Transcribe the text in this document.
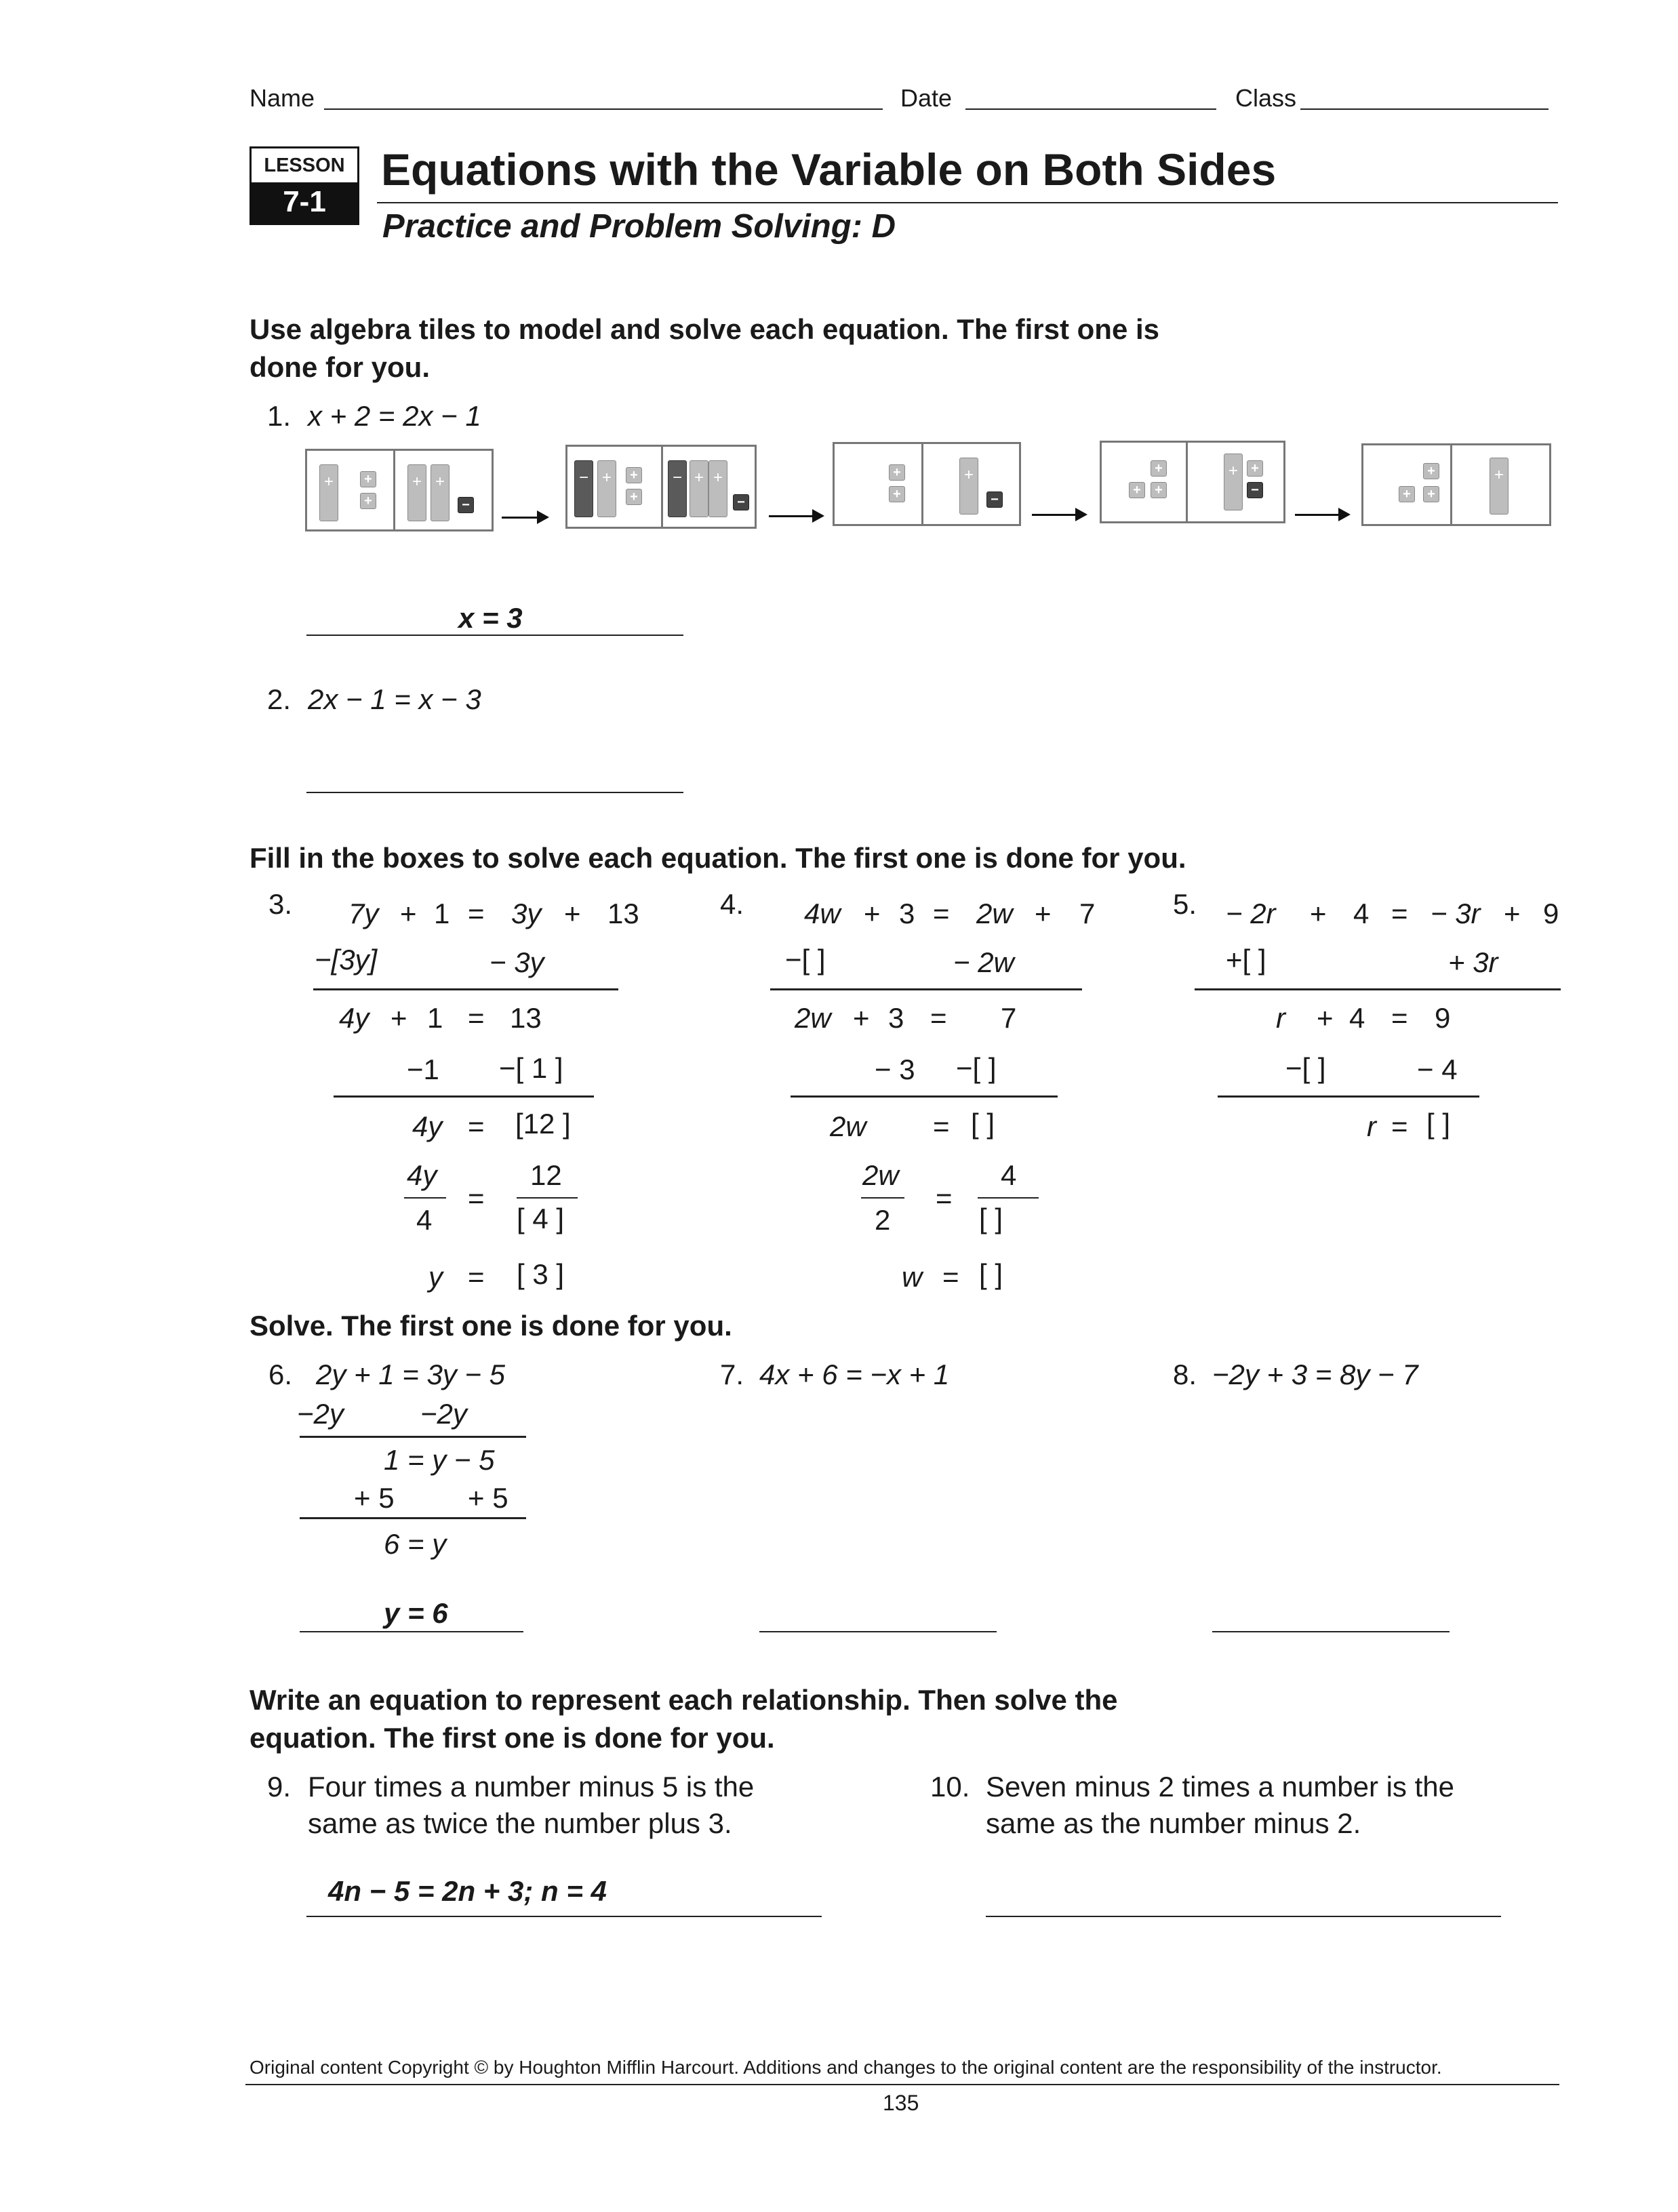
Name	Date	Class
LESSON
7-1
Equations with the Variable on Both Sides
Practice and Problem Solving: D
Use algebra tiles to model and solve each equation. The first one is
done for you.
1. x + 2 = 2x − 1
+	+
+
+ +
−
− +	+
+
− + +
−
+
+
+
−
+
+	+
+ +
−
+
+	+
+
x = 3
2. 2x − 1 = x − 3
Fill in the boxes to solve each equation. The first one is done for you.
3. 7y + 1 = 3y + 13
−[3y]	− 3y
4y + 1 = 13
−1 −[ 1 ]
4y = [12 ]
4y
4
=
12
[ 4 ]
y = [ 3 ]
4. 4w + 3 = 2w + 7
−[ ]	− 2w
2w + 3 = 7
− 3 −[ ]
2w = [ ]
2w
2
=
4
[ ]
w = [ ]
5. − 2r + 4 = − 3r + 9
+[ ]	+ 3r
r + 4 = 9
−[ ]	− 4
r = [ ]
Solve. The first one is done for you.
6. 2y + 1 = 3y − 5
−2y	−2y
1 = y − 5
+ 5	+ 5
6 = y
y = 6
7. 4x + 6 = −x + 1	8. −2y + 3 = 8y − 7
Write an equation to represent each relationship. Then solve the
equation. The first one is done for you.
9. Four times a number minus 5 is the
same as twice the number plus 3.
4n − 5 = 2n + 3; n = 4
10. Seven minus 2 times a number is the
same as the number minus 2.
Original content Copyright © by Houghton Mifflin Harcourt. Additions and changes to the original content are the responsibility of the instructor.
135
